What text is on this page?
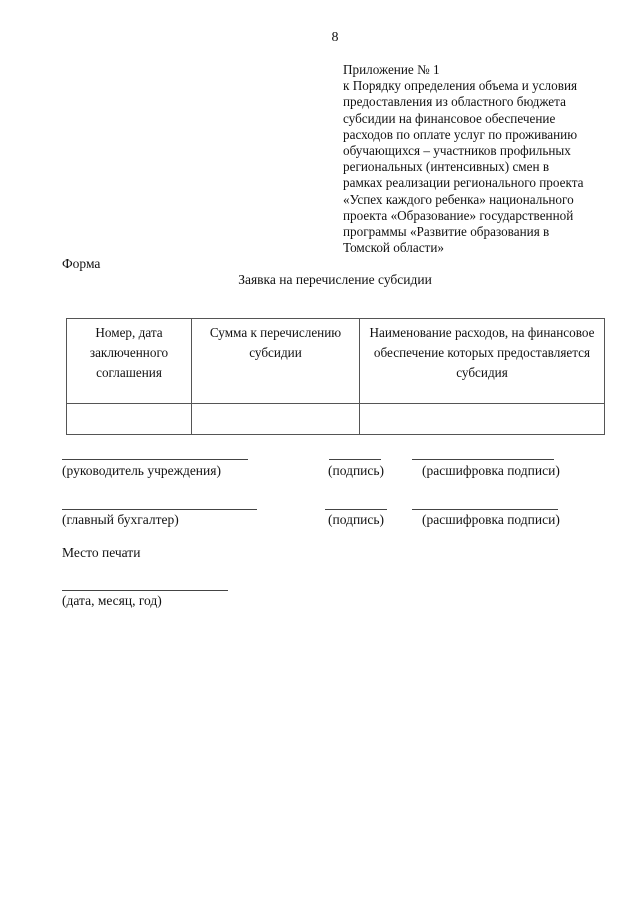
8
Приложение № 1
к Порядку определения объема и условия
предоставления из областного бюджета
субсидии на финансовое обеспечение
расходов по оплате услуг по проживанию
обучающихся – участников профильных
региональных (интенсивных) смен в
рамках реализации регионального проекта
«Успех каждого ребенка» национального
проекта «Образование» государственной
программы «Развитие образования в
Томской области»
Форма
Заявка на перечисление субсидии
Номер, дата заключенного соглашения	Сумма к перечислению субсидии	Наименование расходов, на финансовое обеспечение которых предоставляется субсидия

(руководитель учреждения)	(подпись)	(расшифровка подписи)
(главный бухгалтер)	(подпись)	(расшифровка подписи)
Место печати
(дата, месяц, год)
